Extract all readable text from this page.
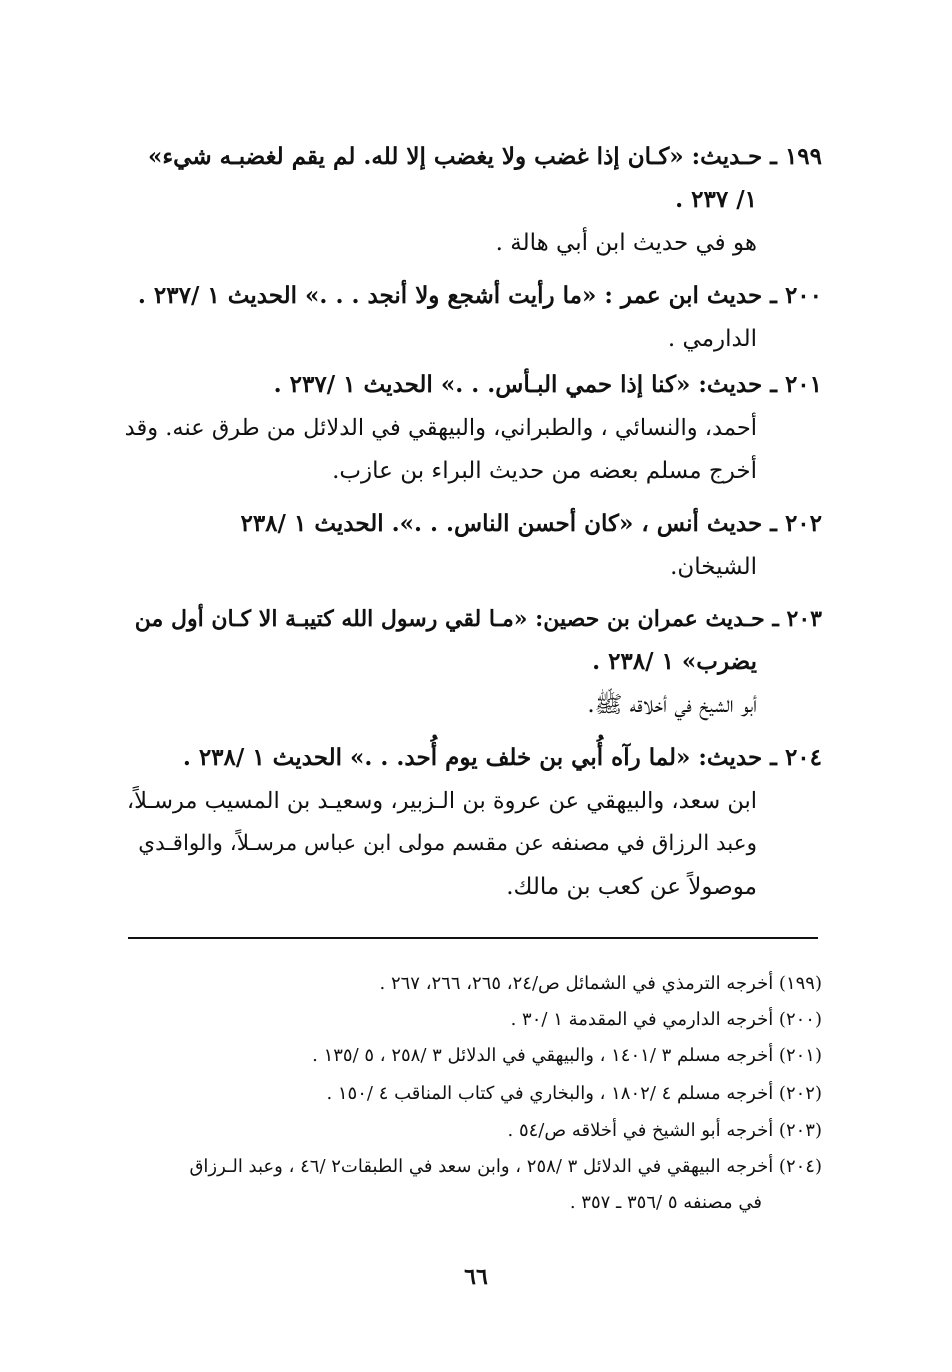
١٩٩ ـ حـديث: «كـان إذا غضب ولا يغضب إلا لله. لم يقم لغضبـه شيء»
١/ ٢٣٧ .
هو في حديث ابن أبي هالة .
٢٠٠ ـ حديث ابن عمر : «ما رأيت أشجع ولا أنجد . . .» الحديث ١ /٢٣٧ .
الدارمي .
٢٠١ ـ حديث: «كنا إذا حمي البـأس. . .» الحديث ١ /٢٣٧ .
أحمد، والنسائي ، والطبراني، والبيهقي في الدلائل من طرق عنه. وقد
أخرج مسلم بعضه من حديث البراء بن عازب.
٢٠٢ ـ حديث أنس ، «كان أحسن الناس. . .». الحديث ١ /٢٣٨
الشيخان.
٢٠٣ ـ حـديث عمران بن حصين: «مـا لقي رسول الله كتيبـة الا كـان أول من
يضرب» ١ /٢٣٨ .
أبو الشيخ في أخلاقه ﷺ.
٢٠٤ ـ حديث: «لما رآه أُبي بن خلف يوم أُحد. . .» الحديث ١ /٢٣٨ .
ابن سعد، والبيهقي عن عروة بن الـزبير، وسعيـد بن المسيب مرسـلاً،
وعبد الرزاق في مصنفه عن مقسم مولى ابن عباس مرسـلاً، والواقـدي
موصولاً عن كعب بن مالك.
(١٩٩) أخرجه الترمذي في الشمائل ص/٢٤، ٢٦٥، ٢٦٦، ٢٦٧ .
(٢٠٠) أخرجه الدارمي في المقدمة ١ /٣٠ .
(٢٠١) أخرجه مسلم ٣ /١٤٠١ ، والبيهقي في الدلائل ٣ /٢٥٨ ، ٥ /١٣٥ .
(٢٠٢) أخرجه مسلم ٤ /١٨٠٢ ، والبخاري في كتاب المناقب ٤ /١٥٠ .
(٢٠٣) أخرجه أبو الشيخ في أخلاقه ص/٥٤ .
(٢٠٤) أخرجه البيهقي في الدلائل ٣ /٢٥٨ ، وابن سعد في الطبقات٢ /٤٦ ، وعبد الـرزاق
في مصنفه ٥ /٣٥٦ ـ ٣٥٧ .
٦٦
